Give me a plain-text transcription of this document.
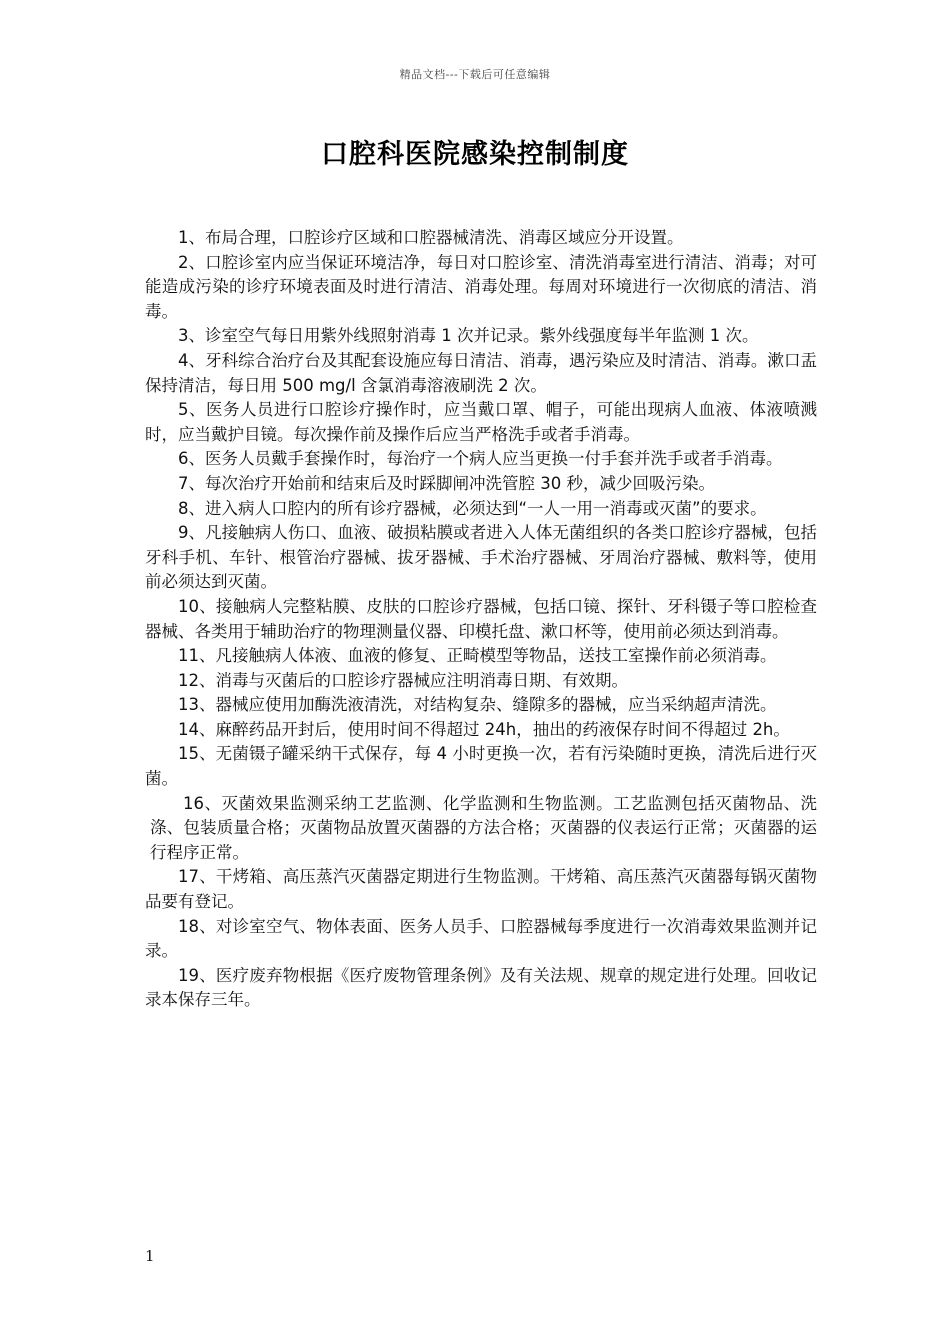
精品文档---下载后可任意编辑
口腔科医院感染控制制度

1、布局合理，口腔诊疗区域和口腔器械清洗、消毒区域应分开设置。

2、口腔诊室内应当保证环境洁净，每日对口腔诊室、清洗消毒室进行清洁、消毒；对可能造成污染的诊疗环境表面及时进行清洁、消毒处理。每周对环境进行一次彻底的清洁、消毒。

3、诊室空气每日用紫外线照射消毒 1 次并记录。紫外线强度每半年监测 1 次。

4、牙科综合治疗台及其配套设施应每日清洁、消毒，遇污染应及时清洁、消毒。漱口盂保持清洁，每日用 500 mg/l 含氯消毒溶液刷洗 2 次。

5、医务人员进行口腔诊疗操作时，应当戴口罩、帽子，可能出现病人血液、体液喷溅时，应当戴护目镜。每次操作前及操作后应当严格洗手或者手消毒。

6、医务人员戴手套操作时，每治疗一个病人应当更换一付手套并洗手或者手消毒。

7、每次治疗开始前和结束后及时踩脚闸冲洗管腔 30 秒，减少回吸污染。

8、进入病人口腔内的所有诊疗器械，必须达到“一人一用一消毒或灭菌”的要求。

9、凡接触病人伤口、血液、破损粘膜或者进入人体无菌组织的各类口腔诊疗器械，包括牙科手机、车针、根管治疗器械、拔牙器械、手术治疗器械、牙周治疗器械、敷料等，使用前必须达到灭菌。

10、接触病人完整粘膜、皮肤的口腔诊疗器械，包括口镜、探针、牙科镊子等口腔检查器械、各类用于辅助治疗的物理测量仪器、印模托盘、漱口杯等，使用前必须达到消毒。

11、凡接触病人体液、血液的修复、正畸模型等物品，送技工室操作前必须消毒。

12、消毒与灭菌后的口腔诊疗器械应注明消毒日期、有效期。

13、器械应使用加酶洗液清洗，对结构复杂、缝隙多的器械，应当采纳超声清洗。

14、麻醉药品开封后，使用时间不得超过 24h，抽出的药液保存时间不得超过 2h。

15、无菌镊子罐采纳干式保存，每 4 小时更换一次，若有污染随时更换，清洗后进行灭菌。

16、灭菌效果监测采纳工艺监测、化学监测和生物监测。工艺监测包括灭菌物品、洗涤、包装质量合格；灭菌物品放置灭菌器的方法合格；灭菌器的仪表运行正常；灭菌器的运行程序正常。

17、干烤箱、高压蒸汽灭菌器定期进行生物监测。干烤箱、高压蒸汽灭菌器每锅灭菌物品要有登记。

18、对诊室空气、物体表面、医务人员手、口腔器械每季度进行一次消毒效果监测并记录。

19、医疗废弃物根据《医疗废物管理条例》及有关法规、规章的规定进行处理。回收记录本保存三年。

1
